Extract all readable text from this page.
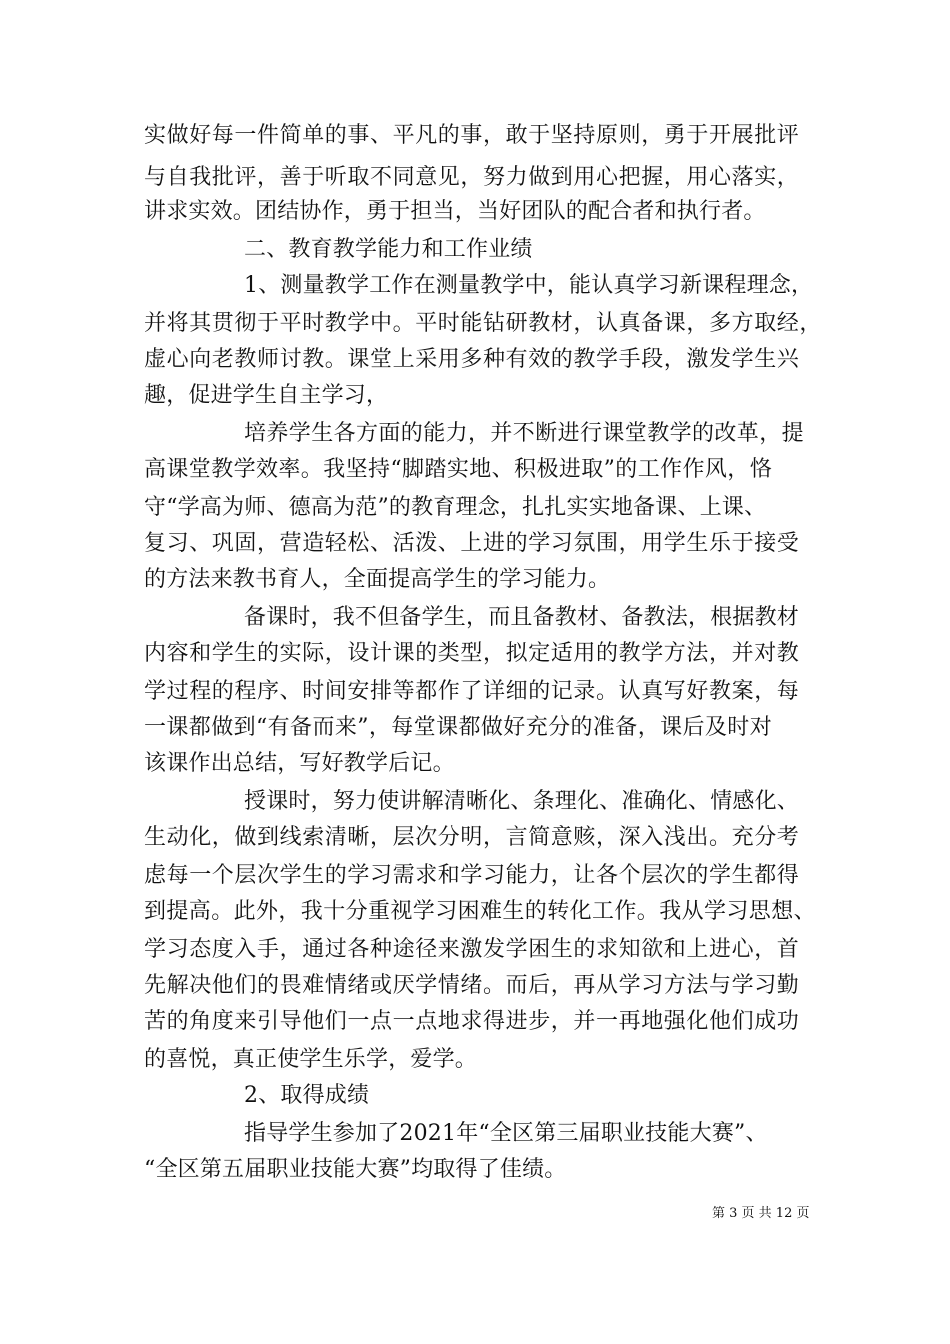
实做好每一件简单的事、平凡的事，敢于坚持原则，勇于开展批评
与自我批评，善于听取不同意见，努力做到用心把握，用心落实，
讲求实效。团结协作，勇于担当，当好团队的配合者和执行者。
二、教育教学能力和工作业绩
1、测量教学工作在测量教学中，能认真学习新课程理念，
并将其贯彻于平时教学中。平时能钻研教材，认真备课，多方取经，
虚心向老教师讨教。课堂上采用多种有效的教学手段，激发学生兴
趣，促进学生自主学习，
培养学生各方面的能力，并不断进行课堂教学的改革，提
高课堂教学效率。我坚持“脚踏实地、积极进取”的工作作风，恪
守“学高为师、德高为范”的教育理念，扎扎实实地备课、上课、
复习、巩固，营造轻松、活泼、上进的学习氛围，用学生乐于接受
的方法来教书育人，全面提高学生的学习能力。
备课时，我不但备学生，而且备教材、备教法，根据教材
内容和学生的实际，设计课的类型，拟定适用的教学方法，并对教
学过程的程序、时间安排等都作了详细的记录。认真写好教案，每
一课都做到“有备而来”，每堂课都做好充分的准备，课后及时对
该课作出总结，写好教学后记。
授课时，努力使讲解清晰化、条理化、准确化、情感化、
生动化，做到线索清晰，层次分明，言简意赅，深入浅出。充分考
虑每一个层次学生的学习需求和学习能力，让各个层次的学生都得
到提高。此外，我十分重视学习困难生的转化工作。我从学习思想、
学习态度入手，通过各种途径来激发学困生的求知欲和上进心，首
先解决他们的畏难情绪或厌学情绪。而后，再从学习方法与学习勤
苦的角度来引导他们一点一点地求得进步，并一再地强化他们成功
的喜悦，真正使学生乐学，爱学。
2、取得成绩
指导学生参加了2021年“全区第三届职业技能大赛”、
“全区第五届职业技能大赛”均取得了佳绩。
第 3 页 共 12 页
